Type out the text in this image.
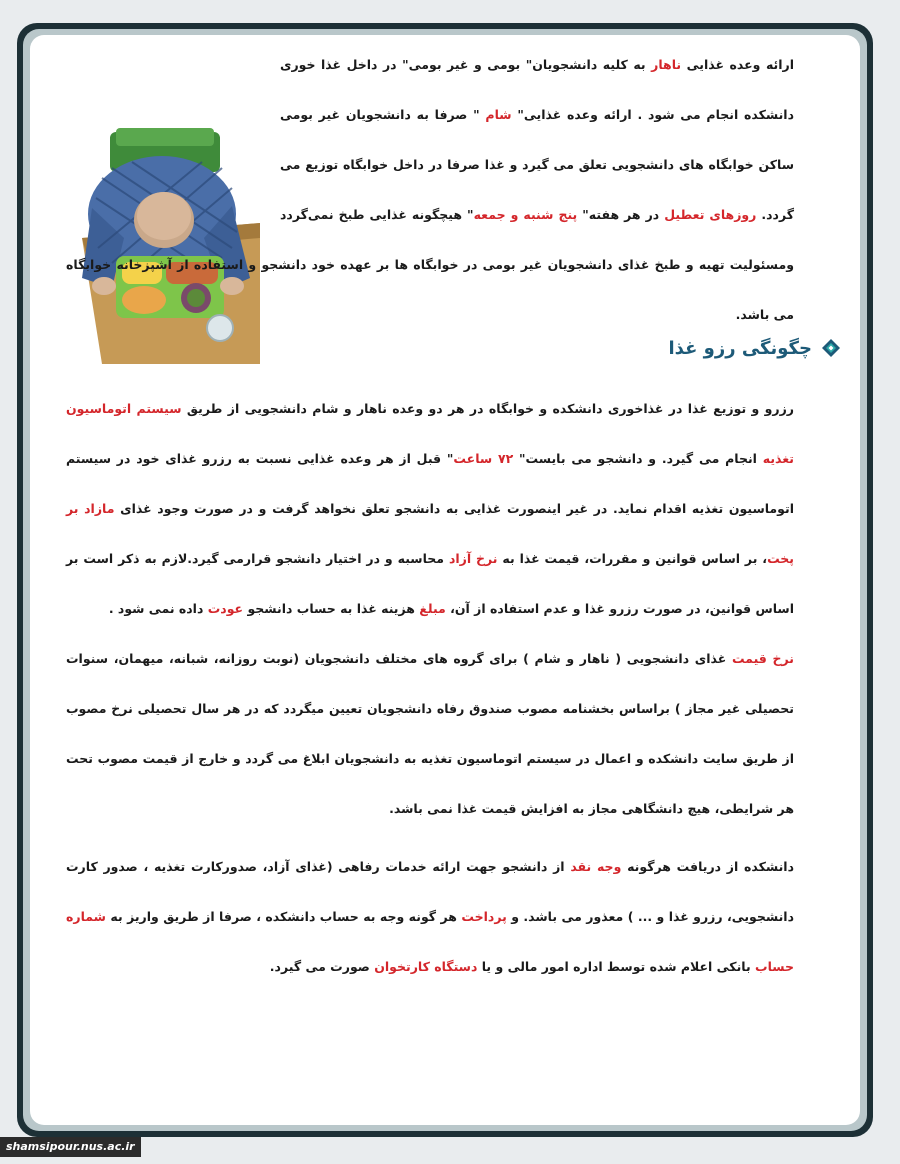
ارائه وعده غذایی ناهار به کلیه دانشجویان" بومی و غیر بومی" در داخل غذا خوری دانشکده انجام می شود . ارائه وعده غذایی" شام " صرفا به دانشجویان غیر بومی ساکن خوابگاه های دانشجویی تعلق می گیرد و غذا صرفا در داخل خوابگاه توزیع می گردد. روزهای تعطیل در هر هفته" پنج شنبه و جمعه" هیچگونه غذایی طبخ نمی‌گردد ومسئولیت تهیه و طبخ غذای دانشجویان غیر بومی در خوابگاه ها بر عهده خود دانشجو و استفاده از آشپزخانه خوابگاه می باشد.

رزرو و توزیع غذا در غذاخوری دانشکده و خوابگاه در هر دو وعده ناهار و شام دانشجویی از طریق سیستم اتوماسیون تغذیه انجام می گیرد. و دانشجو می بایست" ۷۲ ساعت" قبل از هر وعده غذایی نسبت به رزرو غذای خود در سیستم اتوماسیون تغذیه اقدام نماید. در غیر اینصورت غذایی به دانشجو تعلق نخواهد گرفت و در صورت وجود غذای مازاد بر پخت، بر اساس قوانین و مقررات، قیمت غذا به نرخ آزاد محاسبه و در اختیار دانشجو قرارمی گیرد.لازم به ذکر است بر اساس قوانین، در صورت رزرو غذا و عدم استفاده از آن، مبلغ هزینه غذا به حساب دانشجو عودت داده نمی شود .

نرخ قیمت غذای دانشجویی ( ناهار و شام ) برای گروه های مختلف دانشجویان (نوبت روزانه، شبانه، میهمان، سنوات تحصیلی غیر مجاز ) براساس بخشنامه مصوب صندوق رفاه دانشجویان تعیین میگردد که در هر سال تحصیلی نرخ مصوب از طریق سایت دانشکده و اعمال در سیستم اتوماسیون تغذیه به دانشجویان ابلاغ می گردد و خارج از قیمت مصوب تحت هر شرایطی، هیچ دانشگاهی مجاز به افزایش قیمت غذا نمی باشد.

دانشکده از دریافت هرگونه وجه نقد از دانشجو جهت ارائه خدمات رفاهی (غذای آزاد، صدورکارت تغذیه ، صدور کارت دانشجویی، رزرو غذا و ... ) معذور می باشد. و پرداخت هر گونه وجه به حساب دانشکده ، صرفا از طریق واریز به شماره حساب بانکی اعلام شده توسط اداره امور مالی و یا دستگاه کارتخوان صورت می گیرد.

چگونگی رزو غذا
shamsipour.nus.ac.ir
